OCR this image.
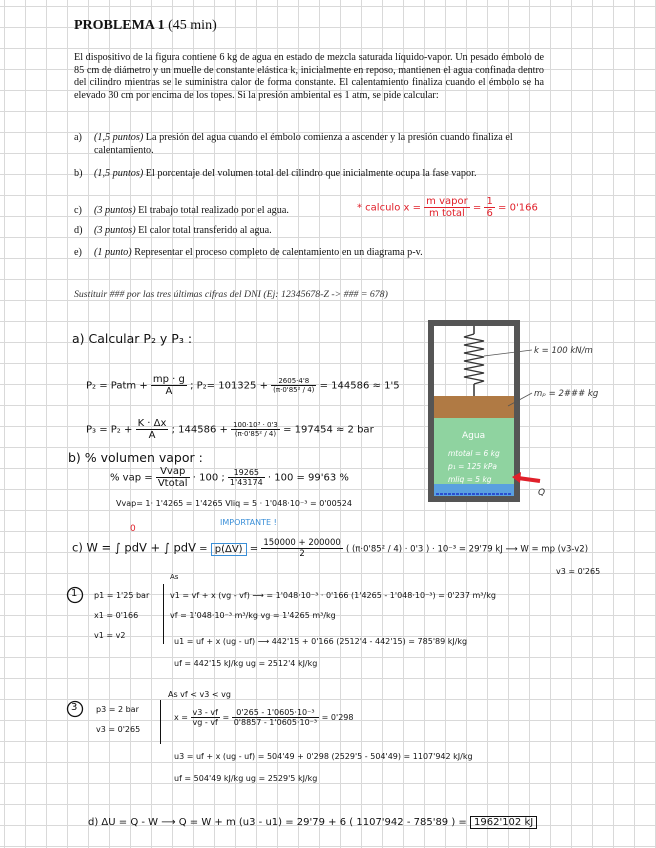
PROBLEMA 1 (45 min)
El dispositivo de la figura contiene 6 kg de agua en estado de mezcla saturada líquido-vapor. Un pesado émbolo de 85 cm de diámetro y un muelle de constante elástica k, inicialmente en reposo, mantienen el agua confinada dentro del cilindro mientras se le suministra calor de forma constante. El calentamiento finaliza cuando el émbolo se ha elevado 30 cm por encima de los topes. Si la presión ambiental es 1 atm, se pide calcular:
a)	(1,5 puntos) La presión del agua cuando el émbolo comienza a ascender y la presión cuando finaliza el calentamiento.
b)	(1,5 puntos) El porcentaje del volumen total del cilindro que inicialmente ocupa la fase vapor.
c)	(3 puntos) El trabajo total realizado por el agua.
d)	(3 puntos) El calor total transferido al agua.
e)	(1 punto) Representar el proceso completo de calentamiento en un diagrama p-v.
* calculo $x = \frac{\text{m vapor}}{\text{m total}} = \frac{1}{6} = 0'166$
Sustituir ### por las tres últimas cifras del DNI (Ej: 12345678-Z -> ### = 678)
k = 100 kN/m
mₚ = 2### kg
Agua
mtotal = 6 kg
p₁ = 125 kPa
mliq = 5 kg
Q
a) Calcular P₂ y P₃ :
P₂ = Patm + $\frac{mp \cdot g}{A}$ ; $P_2= 101325 + \frac{2605\cdot 4'8}{\text{(π·0'85² / 4)}} = 144586 \approx 1'5$
$P_3 = P_2 + \frac{K \cdot \Delta x}{A}$ ; $144586 + \frac{\text{100·10³ · 0'3}}{\text{(π·0'85² / 4)}} = 197454 \approx 2$ bar
b) % volumen vapor :
% vap = $\frac{\text{Vvap}}{\text{Vtotal}} \cdot 100$ ; $\frac{19265}{1'43174} \cdot 100 = 99'63$ %
Vvap= 1· 1'4265 = 1'4265 Vliq = 5 · 1'048·10⁻³ = 0'00524
IMPORTANTE !
0
c) W = ∫ pdV + ∫ pdV = $p(\Delta V) = \frac{150000 + 200000}{2}$ ( (π·0'85² / 4) · 0'3 ) · 10⁻³ = 29'79 kJ ⟶ W = mp (v3-v2)
v3 = 0'265
1 p1 = 1'25 bar
x1 = 0'166
v1 = v2
As
v1 = vf + x (vg - vf) ⟶ = 1'048·10⁻³ · 0'166 (1'4265 - 1'048·10⁻³) = 0'237 m³/kg
vf = 1'048·10⁻³ m³/kg vg = 1'4265 m³/kg
u1 = uf + x (ug - uf) ⟶ 442'15 + 0'166 (2512'4 - 442'15) = 785'89 kJ/kg
uf = 442'15 kJ/kg ug = 2512'4 kJ/kg
3 p3 = 2 bar
v3 = 0'265
As vf < v3 < vg
$x = \frac{v3 - vf}{vg - vf} = \frac{\text{0'265 - 1'0605·10⁻³}}{\text{0'8857 - 1'0605·10⁻³}} = 0'298$
u3 = uf + x (ug - uf) = 504'49 + 0'298 (2529'5 - 504'49) = 1107'942 kJ/kg
uf = 504'49 kJ/kg ug = 2529'5 kJ/kg
d) ΔU = Q - W ⟶ Q = W + m (u3 - u1) = 29'79 + 6 ( 1107'942 - 785'89 ) = 1962'102 kJ
